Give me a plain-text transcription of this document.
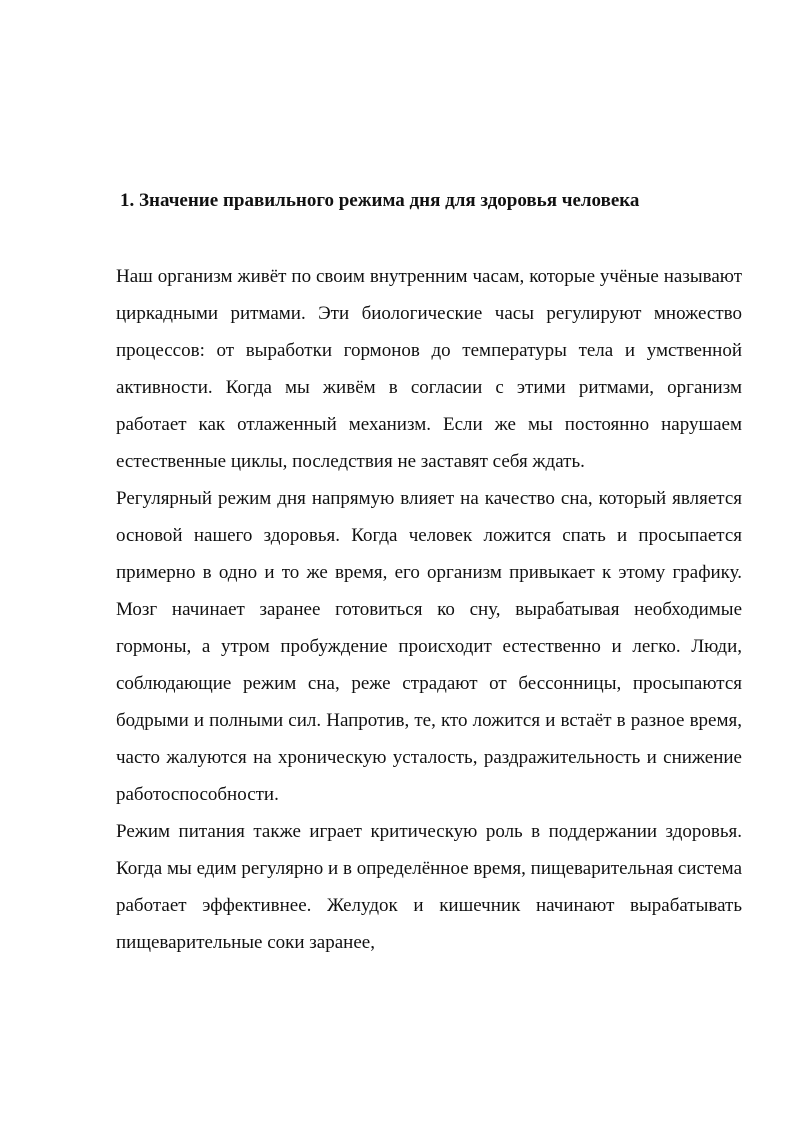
1. Значение правильного режима дня для здоровья человека

Наш организм живёт по своим внутренним часам, которые учёные называют циркадными ритмами. Эти биологические часы регулируют множество процессов: от выработки гормонов до температуры тела и умственной активности. Когда мы живём в согласии с этими ритмами, организм работает как отлаженный механизм. Если же мы постоянно нарушаем естественные циклы, последствия не заставят себя ждать.

Регулярный режим дня напрямую влияет на качество сна, который является основой нашего здоровья. Когда человек ложится спать и просыпается примерно в одно и то же время, его организм привыкает к этому графику. Мозг начинает заранее готовиться ко сну, вырабатывая необходимые гормоны, а утром пробуждение происходит естественно и легко. Люди, соблюдающие режим сна, реже страдают от бессонницы, просыпаются бодрыми и полными сил. Напротив, те, кто ложится и встаёт в разное время, часто жалуются на хроническую усталость, раздражительность и снижение работоспособности.

Режим питания также играет критическую роль в поддержании здоровья. Когда мы едим регулярно и в определённое время, пищеварительная система работает эффективнее. Желудок и кишечник начинают вырабатывать пищеварительные соки заранее,
